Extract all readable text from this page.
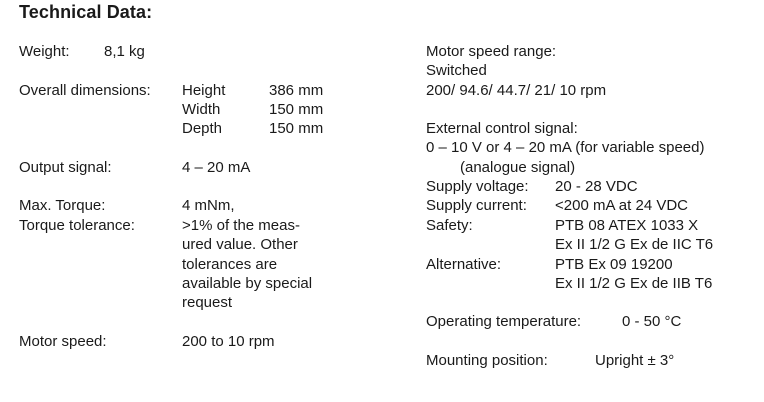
Technical Data:
Weight: 8,1 kg
Overall dimensions: Height	386 mm
Width	150 mm
Depth	150 mm
Output signal:	4 – 20 mA
Max. Torque:	4 mNm,
Torque tolerance:	>1% of the meas-
ured value. Other
tolerances are
available by special
request
Motor speed:	200 to 10 rpm
Motor speed range:
Switched
200/ 94.6/ 44.7/ 21/ 10 rpm
External control signal:
0 – 10 V or 4 – 20 mA (for variable speed)
(analogue signal)
Supply voltage: 20 - 28 VDC
Supply current: <200 mA at 24 VDC
Safety:	PTB 08 ATEX 1033 X
Ex II 1/2 G Ex de IIC T6
Alternative:	PTB Ex 09 19200
Ex II 1/2 G Ex de IIB T6
Operating temperature:	0 - 50 °C
Mounting position:	Upright ± 3°
